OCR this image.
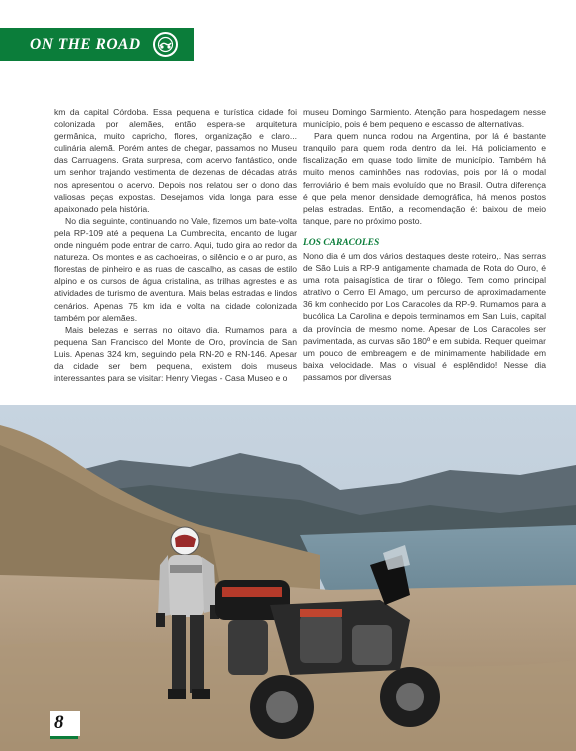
ON THE ROAD

km da capital Córdoba. Essa pequena e turística cidade foi colonizada por alemães, então espera-se arquitetura germânica, muito capricho, flores, organização e claro... culinária alemã. Porém antes de chegar, passamos no Museu das Carruagens. Grata surpresa, com acervo fantástico, onde um senhor trajando vestimenta de dezenas de décadas atrás nos apresentou o acervo. Depois nos relatou ser o dono das valiosas peças expostas. Desejamos vida longa para esse apaixonado pela história.

No dia seguinte, continuando no Vale, fizemos um bate-volta pela RP-109 até a pequena La Cumbrecita, encanto de lugar onde ninguém pode entrar de carro. Aqui, tudo gira ao redor da natureza. Os montes e as cachoeiras, o silêncio e o ar puro, as florestas de pinheiro e as ruas de cascalho, as casas de estilo alpino e os cursos de água cristalina, as trilhas agrestes e as atividades de turismo de aventura. Mais belas estradas e lindos cenários. Apenas 75 km ida e volta na cidade colonizada também por alemães.

Mais belezas e serras no oitavo dia. Rumamos para a pequena San Francisco del Monte de Oro, província de San Luis. Apenas 324 km, seguindo pela RN-20 e RN-146. Apesar da cidade ser bem pequena, existem dois museus interessantes para se visitar: Henry Viegas - Casa Museo e o

museu Domingo Sarmiento. Atenção para hospedagem nesse município, pois é bem pequeno e escasso de alternativas.

Para quem nunca rodou na Argentina, por lá é bastante tranquilo para quem roda dentro da lei. Há policiamento e fiscalização em quase todo limite de município. Também há muito menos caminhões nas rodovias, pois por lá o modal ferroviário é bem mais evoluído que no Brasil. Outra diferença é que pela menor densidade demográfica, há menos postos pelas estradas. Então, a recomendação é: baixou de meio tanque, pare no próximo posto.

LOS CARACOLES

Nono dia é um dos vários destaques deste roteiro,. Nas serras de São Luis a RP-9 antigamente chamada de Rota do Ouro, é uma rota paisagística de tirar o fôlego. Tem como principal atrativo o Cerro El Amago, um percurso de aproximadamente 36 km conhecido por Los Caracoles da RP-9. Rumamos para a bucólica La Carolina e depois terminamos em San Luis, capital da província de mesmo nome. Apesar de Los Caracoles ser pavimentada, as curvas são 180º e em subida. Requer queimar um pouco de embreagem e de minimamente habilidade em baixa velocidade. Mas o visual é esplêndido! Nesse dia passamos por diversas

8
